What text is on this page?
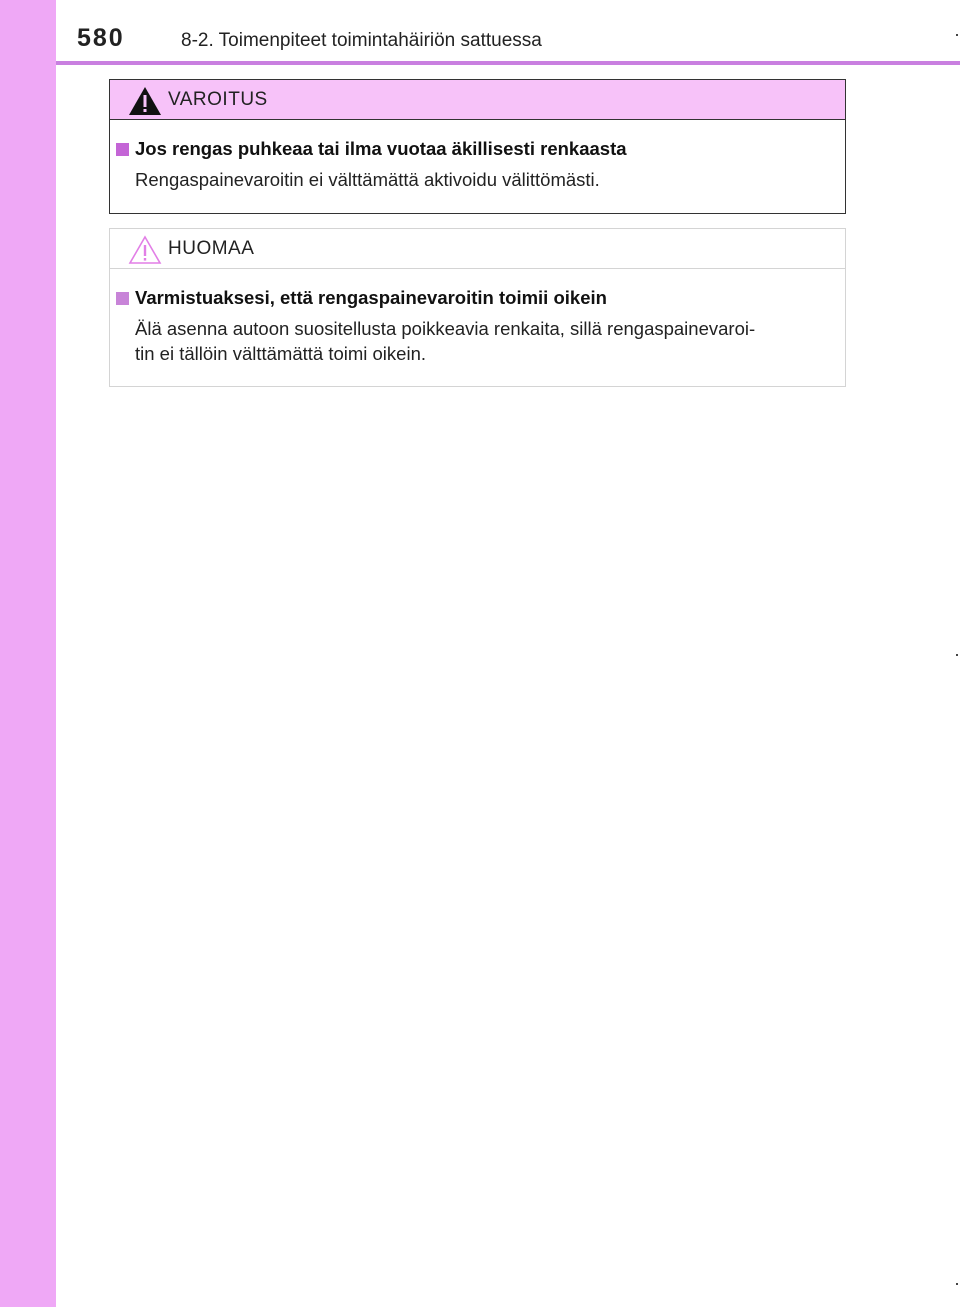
580	8-2. Toimenpiteet toimintahäiriön sattuessa
VAROITUS
Jos rengas puhkeaa tai ilma vuotaa äkillisesti renkaasta
Rengaspainevaroitin ei välttämättä aktivoidu välittömästi.
HUOMAA
Varmistuaksesi, että rengaspainevaroitin toimii oikein
Älä asenna autoon suositellusta poikkeavia renkaita, sillä rengaspainevaroi-
tin ei tällöin välttämättä toimi oikein.
